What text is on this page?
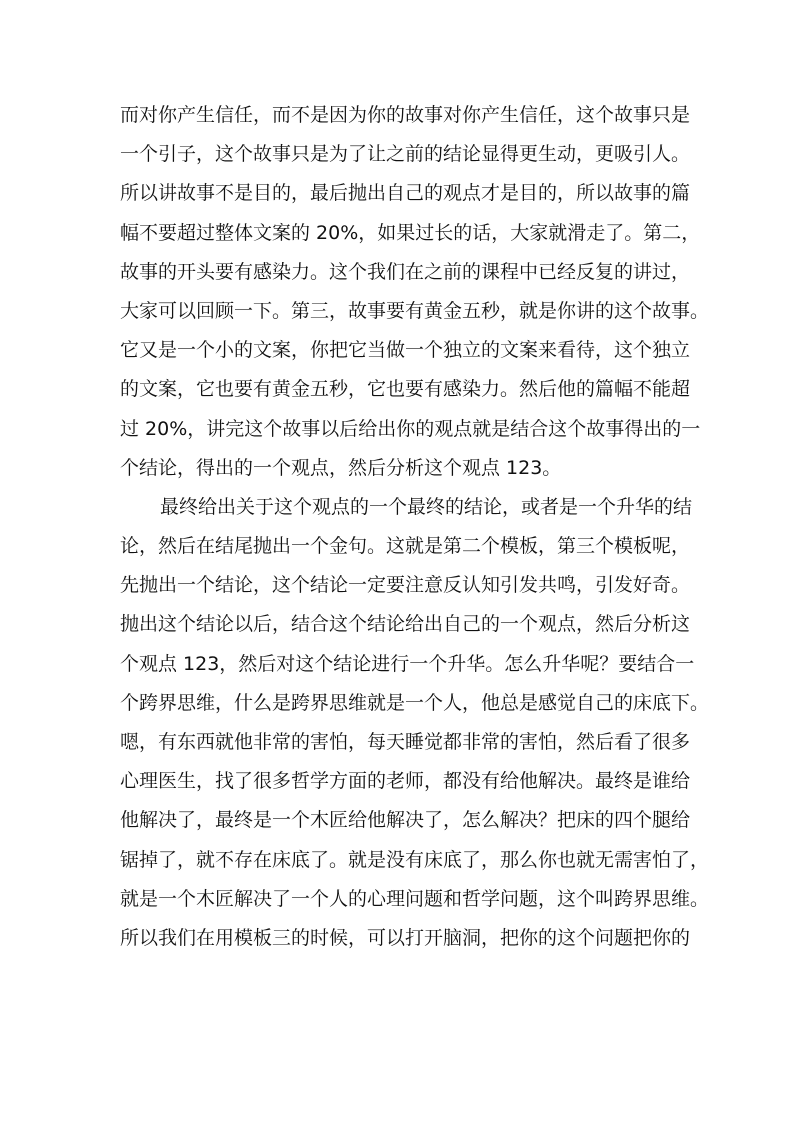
而对你产生信任，而不是因为你的故事对你产生信任，这个故事只是
一个引子，这个故事只是为了让之前的结论显得更生动，更吸引人。
所以讲故事不是目的，最后抛出自己的观点才是目的，所以故事的篇
幅不要超过整体文案的 20%，如果过长的话，大家就滑走了。第二，
故事的开头要有感染力。这个我们在之前的课程中已经反复的讲过，
大家可以回顾一下。第三，故事要有黄金五秒，就是你讲的这个故事。
它又是一个小的文案，你把它当做一个独立的文案来看待，这个独立
的文案，它也要有黄金五秒，它也要有感染力。然后他的篇幅不能超
过 20%，讲完这个故事以后给出你的观点就是结合这个故事得出的一
个结论，得出的一个观点，然后分析这个观点 123。
最终给出关于这个观点的一个最终的结论，或者是一个升华的结
论，然后在结尾抛出一个金句。这就是第二个模板，第三个模板呢，
先抛出一个结论，这个结论一定要注意反认知引发共鸣，引发好奇。
抛出这个结论以后，结合这个结论给出自己的一个观点，然后分析这
个观点 123，然后对这个结论进行一个升华。怎么升华呢？要结合一
个跨界思维，什么是跨界思维就是一个人，他总是感觉自己的床底下。
嗯，有东西就他非常的害怕，每天睡觉都非常的害怕，然后看了很多
心理医生，找了很多哲学方面的老师，都没有给他解决。最终是谁给
他解决了，最终是一个木匠给他解决了，怎么解决？把床的四个腿给
锯掉了，就不存在床底了。就是没有床底了，那么你也就无需害怕了，
就是一个木匠解决了一个人的心理问题和哲学问题，这个叫跨界思维。
所以我们在用模板三的时候，可以打开脑洞，把你的这个问题把你的
